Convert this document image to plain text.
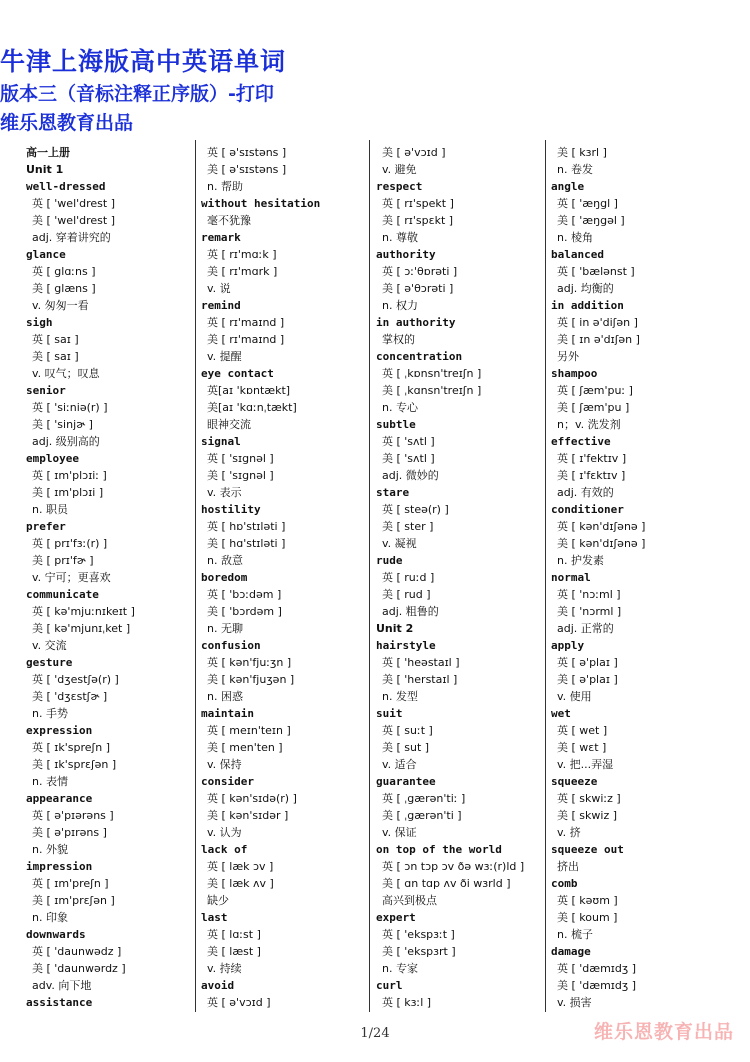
牛津上海版高中英语单词
版本三（音标注释正序版）-打印
维乐恩教育出品
高一上册
Unit 1
well-dressed
英 [ 'wel'drest ]
美 [ 'wel'drest ]
adj. 穿着讲究的
glance
英 [ glɑːns ]
美 [ glæns ]
v. 匆匆一看
sigh
英 [ saɪ ]
美 [ saɪ ]
v. 叹气；叹息
senior
英 [ 'siːniə(r) ]
美 [ 'sinjɚ ]
adj. 级别高的
employee
英 [ ɪm'plɔɪiː ]
美 [ ɪm'plɔɪi ]
n. 职员
prefer
英 [ prɪ'fɜː(r) ]
美 [ prɪ'fɚ ]
v. 宁可；更喜欢
communicate
英 [ kə'mjuːnɪkeɪt ]
美 [ kə'mjunɪˌket ]
v. 交流
gesture
英 [ 'dʒestʃə(r) ]
美 [ 'dʒɛstʃɚ ]
n. 手势
expression
英 [ ɪk'spreʃn ]
美 [ ɪk'sprɛʃən ]
n. 表情
appearance
英 [ ə'pɪərəns ]
美 [ ə'pɪrəns ]
n. 外貌
impression
英 [ ɪm'preʃn ]
美 [ ɪm'prɛʃən ]
n. 印象
downwards
英 [ 'daunwədz ]
美 [ 'daunwərdz ]
adv. 向下地
assistance
英 [ ə'sɪstəns ]
美 [ ə'sɪstəns ]
n. 帮助
without hesitation
毫不犹豫
remark
英 [ rɪ'mɑːk ]
美 [ rɪ'mɑrk ]
v. 说
remind
英 [ rɪ'maɪnd ]
美 [ rɪ'maɪnd ]
v. 提醒
eye contact
英[aɪ 'kɒntækt]
美[aɪ 'kɑːnˌtækt]
眼神交流
signal
英 [ 'sɪgnəl ]
美 [ 'sɪgnəl ]
v. 表示
hostility
英 [ hɒ'stɪləti ]
美 [ hɑ'stɪləti ]
n. 敌意
boredom
英 [ 'bɔːdəm ]
美 [ 'bɔrdəm ]
n. 无聊
confusion
英 [ kən'fjuːʒn ]
美 [ kən'fjuʒən ]
n. 困惑
maintain
英 [ meɪn'teɪn ]
美 [ men'ten ]
v. 保持
consider
英 [ kən'sɪdə(r) ]
美 [ kən'sɪdər ]
v. 认为
lack of
英 [ læk ɔv ]
美 [ læk ʌv ]
缺少
last
英 [ lɑːst ]
美 [ læst ]
v. 持续
avoid
英 [ ə'vɔɪd ]
美 [ ə'vɔɪd ]
v. 避免
respect
英 [ rɪ'spekt ]
美 [ rɪ'spɛkt ]
n. 尊敬
authority
英 [ ɔː'θɒrəti ]
美 [ ə'θɔrəti ]
n. 权力
in authority
掌权的
concentration
英 [ ˌkɒnsn'treɪʃn ]
美 [ ˌkɑnsn'treɪʃn ]
n. 专心
subtle
英 [ 'sʌtl ]
美 [ 'sʌtl ]
adj. 微妙的
stare
英 [ steə(r) ]
美 [ ster ]
v. 凝视
rude
英 [ ruːd ]
美 [ rud ]
adj. 粗鲁的
Unit 2
hairstyle
英 [ 'heəstaɪl ]
美 [ 'herstaɪl ]
n. 发型
suit
英 [ suːt ]
美 [ sut ]
v. 适合
guarantee
英 [ ˌgærən'tiː ]
美 [ ˌgærən'ti ]
v. 保证
on top of the world
英 [ ɔn tɔp ɔv ðə wɜː(r)ld ]
美 [ ɑn tɑp ʌv ði wɜrld ]
高兴到极点
expert
英 [ 'ekspɜːt ]
美 [ 'ekspɜrt ]
n. 专家
curl
英 [ kɜːl ]
美 [ kɜrl ]
n. 卷发
angle
英 [ 'æŋgl ]
美 [ 'æŋgəl ]
n. 棱角
balanced
英 [ 'bælənst ]
adj. 均衡的
in addition
英 [ in ə'diʃən ]
美 [ ɪn ə'dɪʃən ]
另外
shampoo
英 [ ʃæm'puː ]
美 [ ʃæm'pu ]
n；v. 洗发剂
effective
英 [ ɪ'fektɪv ]
美 [ ɪ'fɛktɪv ]
adj. 有效的
conditioner
英 [ kən'dɪʃənə ]
美 [ kən'dɪʃənə ]
n. 护发素
normal
英 [ 'nɔːml ]
美 [ 'nɔrml ]
adj. 正常的
apply
英 [ ə'plaɪ ]
美 [ ə'plaɪ ]
v. 使用
wet
英 [ wet ]
美 [ wɛt ]
v. 把...弄湿
squeeze
英 [ skwiːz ]
美 [ skwiz ]
v. 挤
squeeze out
挤出
comb
英 [ kəʊm ]
美 [ koum ]
n. 梳子
damage
英 [ 'dæmɪdʒ ]
美 [ 'dæmɪdʒ ]
v. 损害
1/24	维乐恩教育出品
